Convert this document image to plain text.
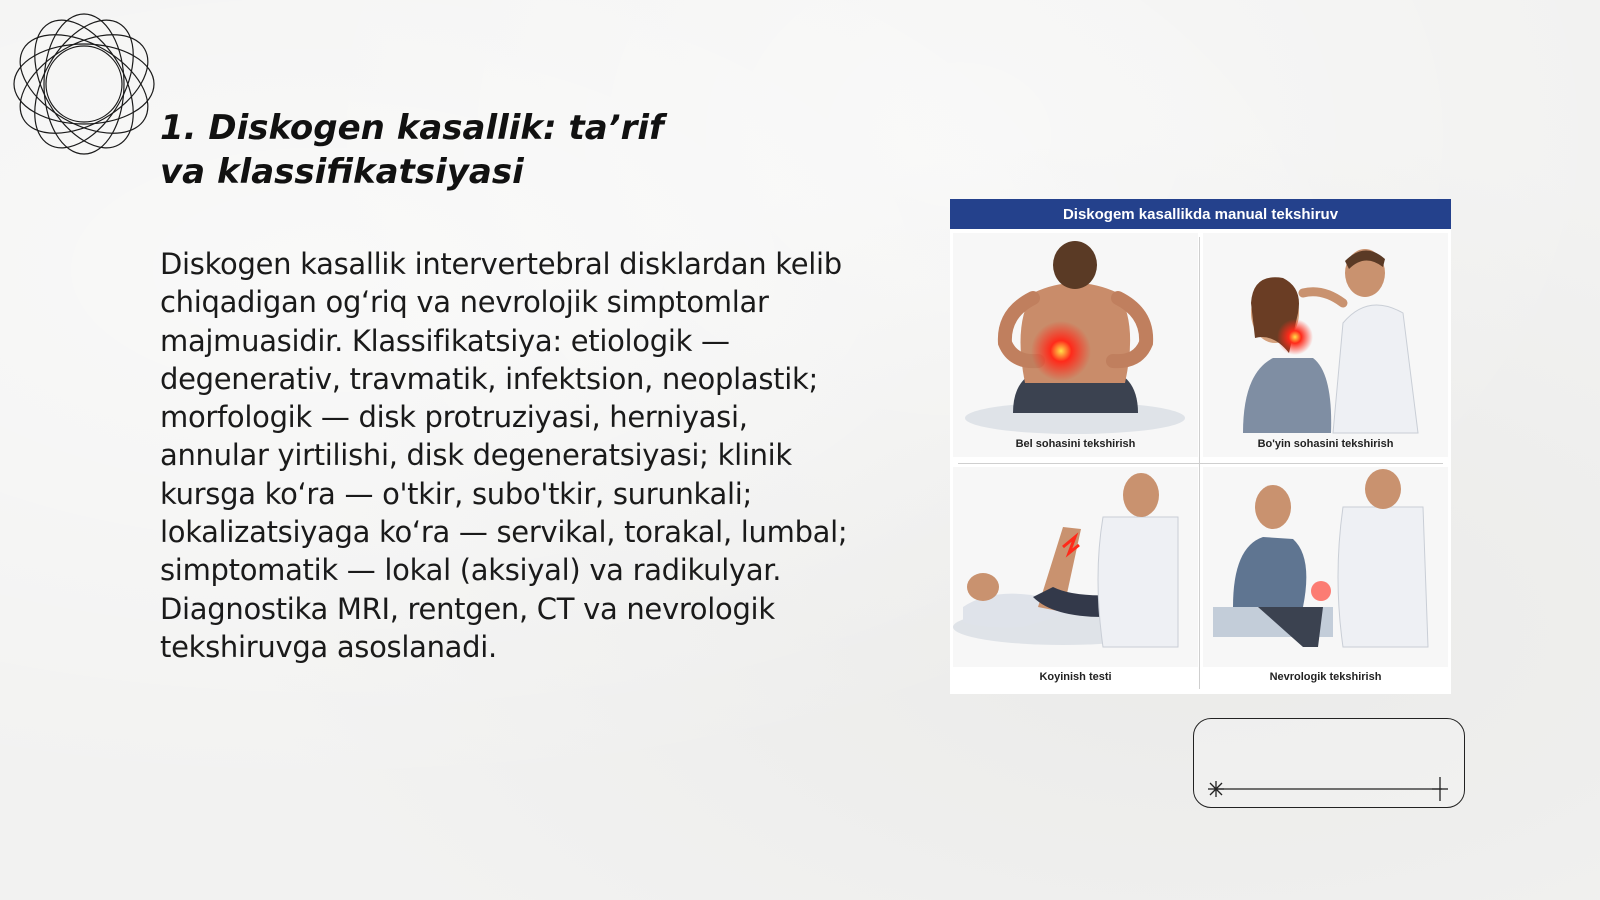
1. Diskogen kasallik: ta’rif va klassifikatsiyasi

Diskogen kasallik intervertebral disklardan kelib chiqadigan og‘riq va nevrolojik simptomlar majmuasidir. Klassifikatsiya: etiologik — degenerativ, travmatik, infektsion, neoplastik; morfologik — disk protruziyasi, herniyasi, annular yirtilishi, disk degeneratsiyasi; klinik kursga ko‘ra — o'tkir, subo'tkir, surunkali; lokalizatsiyaga ko‘ra — servikal, torakal, lumbal; simptomatik — lokal (aksiyal) va radikulyar. Diagnostika MRI, rentgen, CT va nevrologik tekshiruvga asoslanadi.

Diskogem kasallikda manual tekshiruv
Bel sohasini tekshirish	Bo'yin sohasini tekshirish
Koyinish testi	Nevrologik tekshirish
